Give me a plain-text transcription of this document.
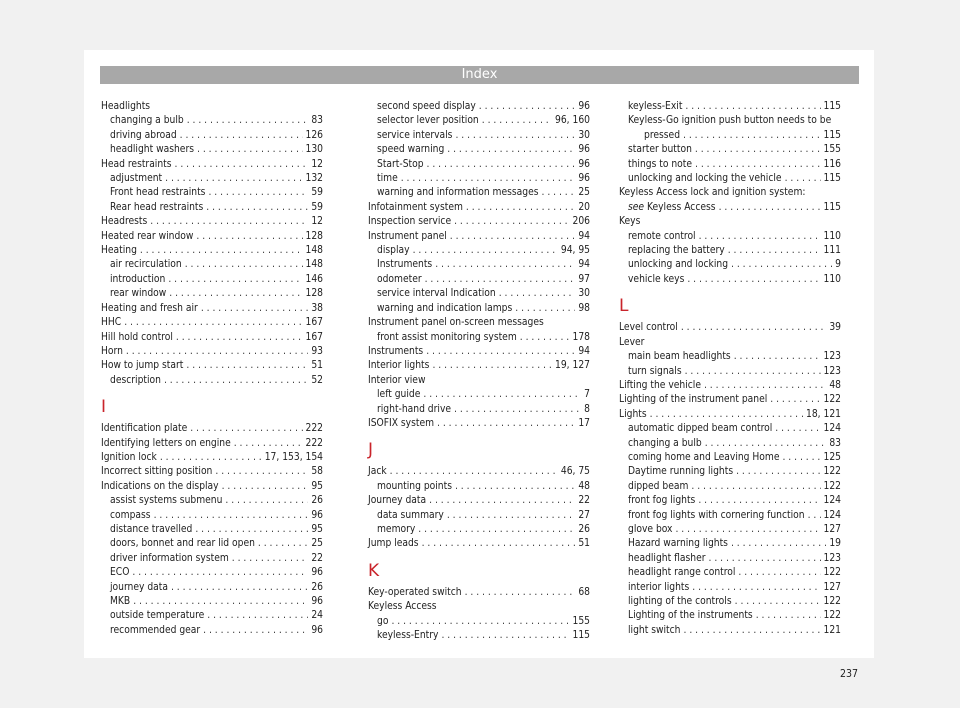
Index
Headlights
changing a bulb . . .	83
driving abroad . . .	126
headlight washers . . .	130
Head restraints . . .	12
adjustment . . .	132
Front head restraints . . .	59
Rear head restraints . . .	59
Headrests . . .	12
Heated rear window . . .	128
Heating . . .	148
air recirculation . . .	148
introduction . . .	146
rear window . . .	128
Heating and fresh air . . .	38
HHC . . .	167
Hill hold control . . .	167
Horn . . .	93
How to jump start . . .	51
description . . .	52
I
Identification plate . . .	222
Identifying letters on engine . . .	222
Ignition lock . . .	17, 153, 154
Incorrect sitting position . . .	58
Indications on the display . . .	95
assist systems submenu . . .	26
compass . . .	96
distance travelled . . .	95
doors, bonnet and rear lid open . . .	25
driver information system . . .	22
ECO . . .	96
journey data . . .	26
MKB . . .	96
outside temperature . . .	24
recommended gear . . .	96
second speed display . . .	96
selector lever position . . .	96, 160
service intervals . . .	30
speed warning . . .	96
Start-Stop . . .	96
time . . .	96
warning and information messages . . .	25
Infotainment system . . .	20
Inspection service . . .	206
Instrument panel . . .	94
display . . .	94, 95
Instruments . . .	94
odometer . . .	97
service interval Indication . . .	30
warning and indication lamps . . .	98
Instrument panel on-screen messages
front assist monitoring system . . .	178
Instruments . . .	94
Interior lights . . .	19, 127
Interior view
left guide . . .	7
right-hand drive . . .	8
ISOFIX system . . .	17
J
Jack . . .	46, 75
mounting points . . .	48
Journey data . . .	22
data summary . . .	27
memory . . .	26
Jump leads . . .	51
K
Key-operated switch . . .	68
Keyless Access
go . . .	155
keyless-Entry . . .	115
keyless-Exit . . .	115
Keyless-Go ignition push button needs to be
pressed . . .	115
starter button . . .	155
things to note . . .	116
unlocking and locking the vehicle . . .	115
Keyless Access lock and ignition system:
see Keyless Access . . .	115
Keys
remote control . . .	110
replacing the battery . . .	111
unlocking and locking . . .	9
vehicle keys . . .	110
L
Level control . . .	39
Lever
main beam headlights . . .	123
turn signals . . .	123
Lifting the vehicle . . .	48
Lighting of the instrument panel . . .	122
Lights . . .	18, 121
automatic dipped beam control . . .	124
changing a bulb . . .	83
coming home and Leaving Home . . .	125
Daytime running lights . . .	122
dipped beam . . .	122
front fog lights . . .	124
front fog lights with cornering function . . . 124
glove box . . .	127
Hazard warning lights . . .	19
headlight flasher . . .	123
headlight range control . . .	122
interior lights . . .	127
lighting of the controls . . .	122
Lighting of the instruments . . .	122
light switch . . .	121
237
